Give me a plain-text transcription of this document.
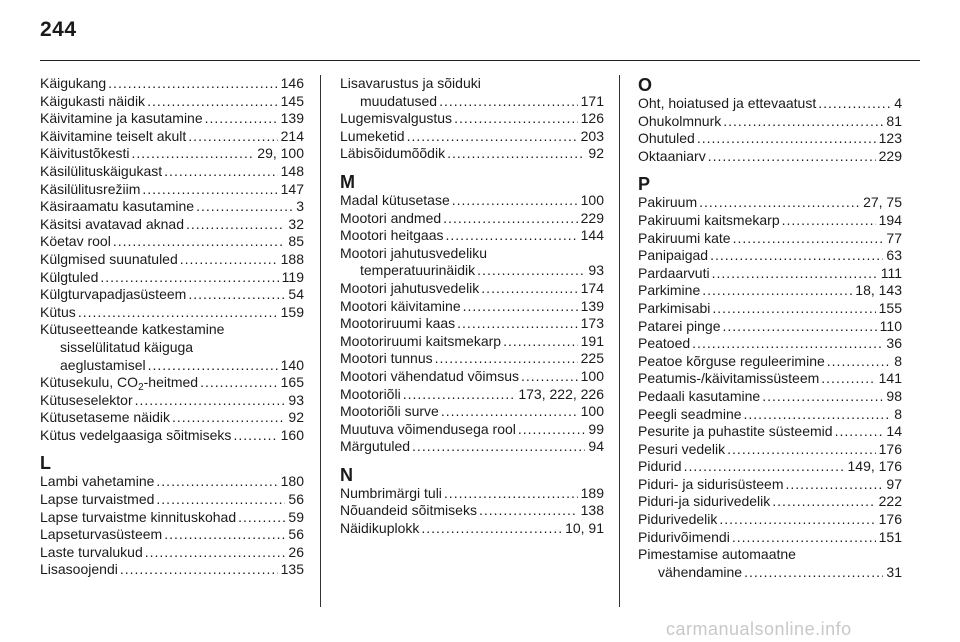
244
Käigukang .....	146
Käigukasti näidik .....	145
Käivitamine ja kasutamine .....	139
Käivitamine teiselt akult .....	214
Käivitustõkesti .....	29, 100
Käsilülituskäigukast .....	148
Käsilülitusrežiim .....	147
Käsiraamatu kasutamine .....	3
Käsitsi avatavad aknad .....	32
Köetav rool .....	85
Külgmised suunatuled .....	188
Külgtuled .....	119
Külgturvapadjasüsteem .....	54
Kütus .....	159
Kütuseetteande katkestamine
sisselülitatud käiguga
aeglustamisel .....	140
Kütusekulu, $CO_2$-heitmed .....	165
Kütuseselektor .....	93
Kütusetaseme näidik .....	92
Kütus vedelgaasiga sõitmiseks .....	160
L
Lambi vahetamine .....	180
Lapse turvaistmed .....	56
Lapse turvaistme kinnituskohad .....	59
Lapseturvasüsteem .....	56
Laste turvalukud .....	26
Lisasoojendi .....	135
Lisavarustus ja sõiduki
muudatused .....	171
Lugemisvalgustus .....	126
Lumeketid .....	203
Läbisõidumõõdik .....	92
M
Madal kütusetase .....	100
Mootori andmed .....	229
Mootori heitgaas .....	144
Mootori jahutusvedeliku
temperatuurinäidik .....	93
Mootori jahutusvedelik .....	174
Mootori käivitamine .....	139
Mootoriruumi kaas .....	173
Mootoriruumi kaitsmekarp .....	191
Mootori tunnus .....	225
Mootori vähendatud võimsus .....	100
Mootoriõli .....	173, 222, 226
Mootoriõli surve .....	100
Muutuva võimendusega rool .....	99
Märgutuled .....	94
N
Numbrimärgi tuli .....	189
Nõuandeid sõitmiseks .....	138
Näidikuplokk .....	10, 91
O
Oht, hoiatused ja ettevaatust .....	4
Ohukolmnurk .....	81
Ohutuled .....	123
Oktaaniarv .....	229
P
Pakiruum .....	27, 75
Pakiruumi kaitsmekarp .....	194
Pakiruumi kate .....	77
Panipaigad .....	63
Pardaarvuti .....	111
Parkimine .....	18, 143
Parkimisabi .....	155
Patarei pinge .....	110
Peatoed .....	36
Peatoe kõrguse reguleerimine .....	8
Peatumis-/käivitamissüsteem .....	141
Pedaali kasutamine .....	98
Peegli seadmine .....	8
Pesurite ja puhastite süsteemid .....	14
Pesuri vedelik .....	176
Pidurid .....	149, 176
Piduri- ja sidurisüsteem .....	97
Piduri-ja sidurivedelik .....	222
Pidurivedelik .....	176
Pidurivõimendi .....	151
Pimestamise automaatne
vähendamine .....	31
carmanualsonline.info
